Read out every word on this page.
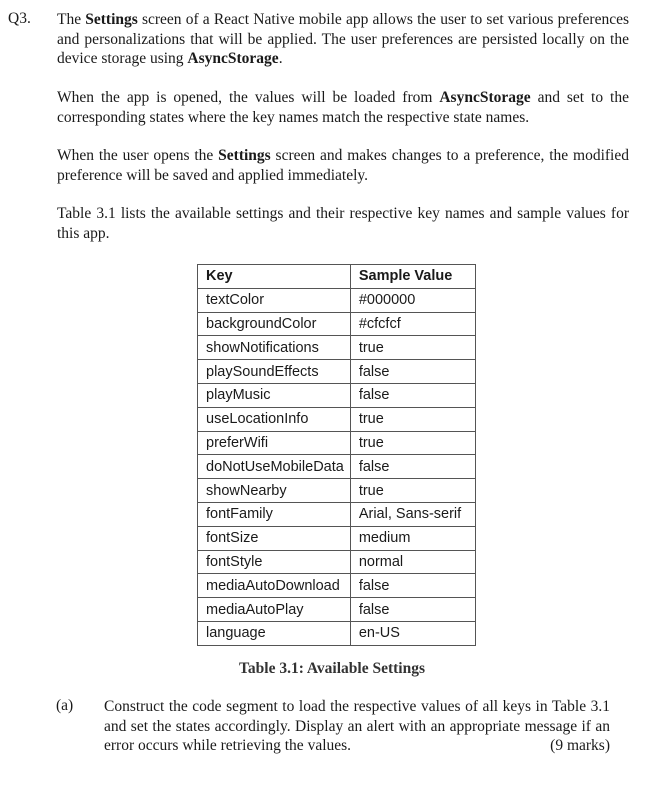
Q3. The Settings screen of a React Native mobile app allows the user to set various preferences and personalizations that will be applied. The user preferences are persisted locally on the device storage using AsyncStorage.
When the app is opened, the values will be loaded from AsyncStorage and set to the corresponding states where the key names match the respective state names.
When the user opens the Settings screen and makes changes to a preference, the modified preference will be saved and applied immediately.
Table 3.1 lists the available settings and their respective key names and sample values for this app.
Key	Sample Value
textColor	#000000
backgroundColor	#cfcfcf
showNotifications	true
playSoundEffects	false
playMusic	false
useLocationInfo	true
preferWifi	true
doNotUseMobileData	false
showNearby	true
fontFamily	Arial, Sans-serif
fontSize	medium
fontStyle	normal
mediaAutoDownload	false
mediaAutoPlay	false
language	en-US
Table 3.1: Available Settings
(a) Construct the code segment to load the respective values of all keys in Table 3.1 and set the states accordingly. Display an alert with an appropriate message if an error occurs while retrieving the values.	(9 marks)
